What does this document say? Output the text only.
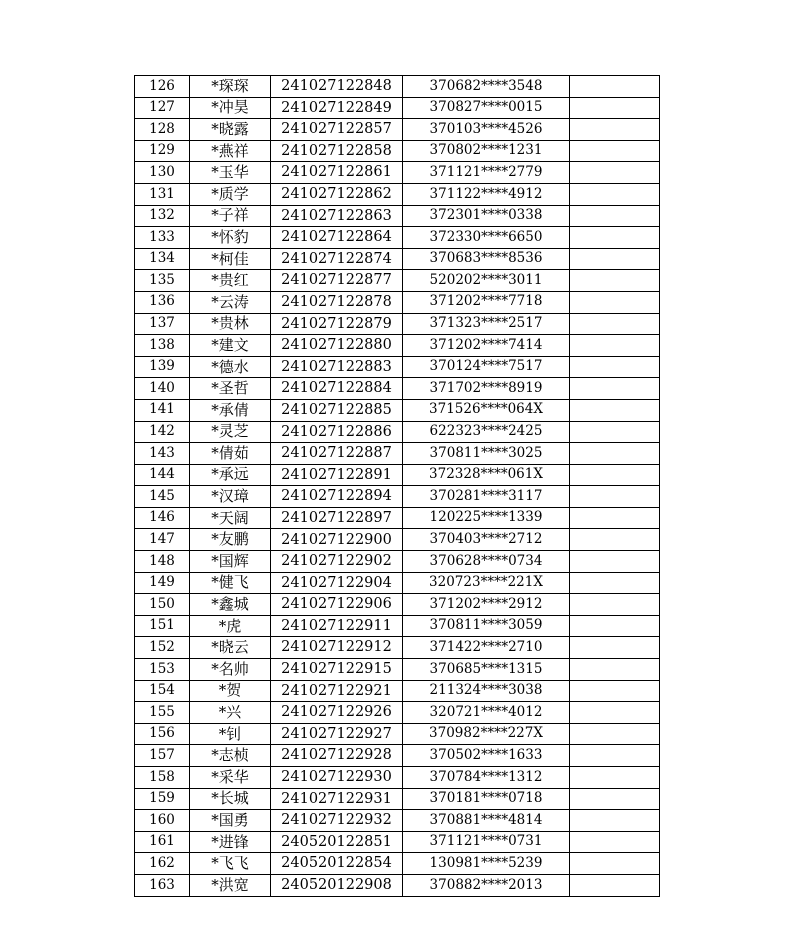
126	*琛琛	241027122848	370682****3548	
127	*冲昊	241027122849	370827****0015	
128	*晓露	241027122857	370103****4526	
129	*燕祥	241027122858	370802****1231	
130	*玉华	241027122861	371121****2779	
131	*质学	241027122862	371122****4912	
132	*子祥	241027122863	372301****0338	
133	*怀豹	241027122864	372330****6650	
134	*柯佳	241027122874	370683****8536	
135	*贵红	241027122877	520202****3011	
136	*云涛	241027122878	371202****7718	
137	*贵林	241027122879	371323****2517	
138	*建文	241027122880	371202****7414	
139	*德水	241027122883	370124****7517	
140	*圣哲	241027122884	371702****8919	
141	*承倩	241027122885	371526****064X	
142	*灵芝	241027122886	622323****2425	
143	*倩茹	241027122887	370811****3025	
144	*承远	241027122891	372328****061X	
145	*汉璋	241027122894	370281****3117	
146	*天阔	241027122897	120225****1339	
147	*友鹏	241027122900	370403****2712	
148	*国辉	241027122902	370628****0734	
149	*健飞	241027122904	320723****221X	
150	*鑫城	241027122906	371202****2912	
151	*虎	241027122911	370811****3059	
152	*晓云	241027122912	371422****2710	
153	*名帅	241027122915	370685****1315	
154	*贺	241027122921	211324****3038	
155	*兴	241027122926	320721****4012	
156	*钊	241027122927	370982****227X	
157	*志桢	241027122928	370502****1633	
158	*采华	241027122930	370784****1312	
159	*长城	241027122931	370181****0718	
160	*国勇	241027122932	370881****4814	
161	*进锋	240520122851	371121****0731	
162	*飞飞	240520122854	130981****5239	
163	*洪宽	240520122908	370882****2013	
